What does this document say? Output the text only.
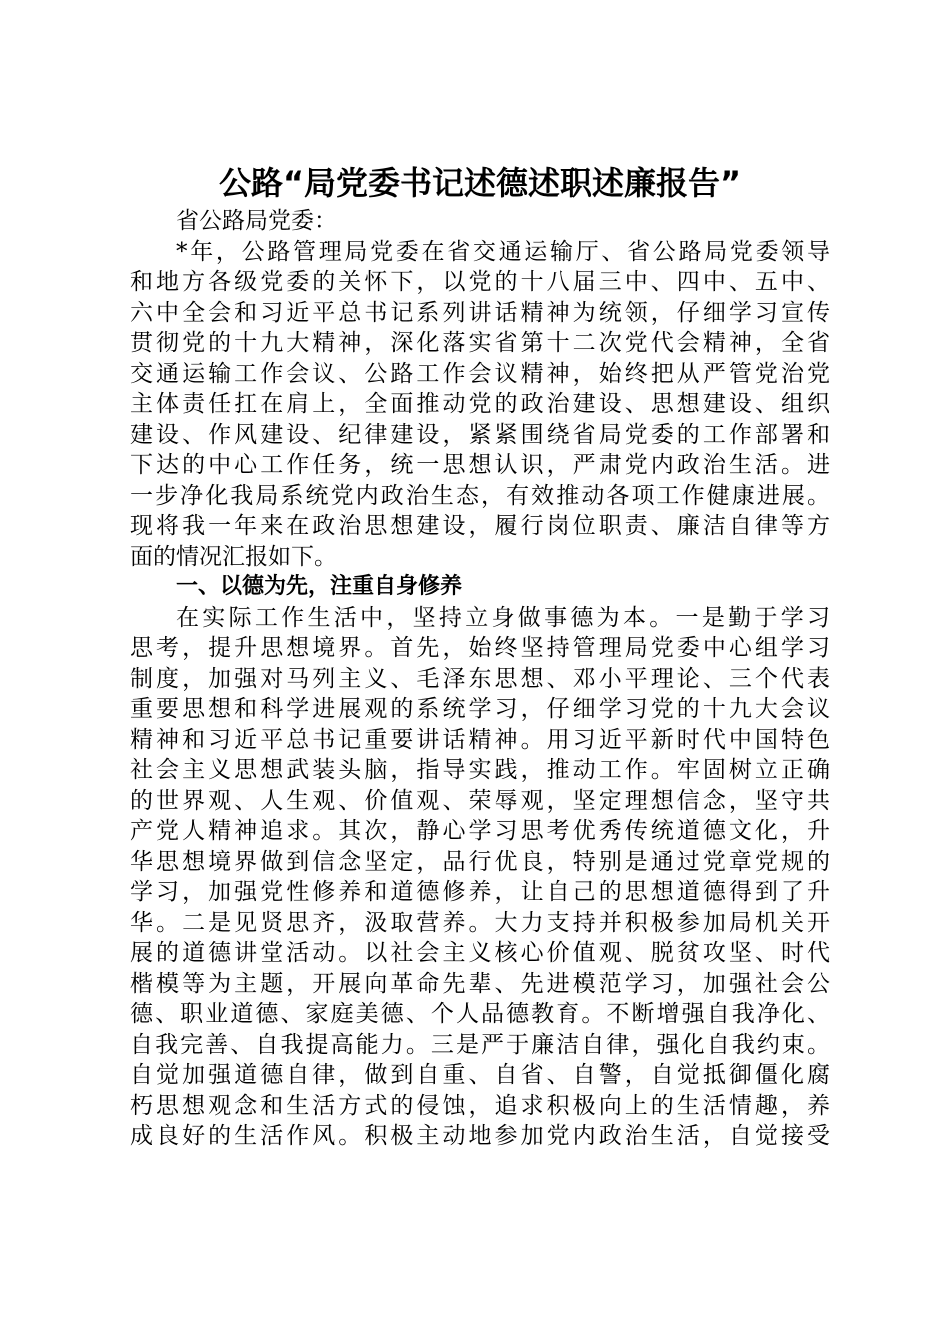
公路“局党委书记述德述职述廉报告”
省公路局党委：
*年，公路管理局党委在省交通运输厅、省公路局党委领导
和地方各级党委的关怀下，以党的十八届三中、四中、五中、
六中全会和习近平总书记系列讲话精神为统领，仔细学习宣传
贯彻党的十九大精神，深化落实省第十二次党代会精神，全省
交通运输工作会议、公路工作会议精神，始终把从严管党治党
主体责任扛在肩上，全面推动党的政治建设、思想建设、组织
建设、作风建设、纪律建设，紧紧围绕省局党委的工作部署和
下达的中心工作任务，统一思想认识，严肃党内政治生活。进
一步净化我局系统党内政治生态，有效推动各项工作健康进展。
现将我一年来在政治思想建设，履行岗位职责、廉洁自律等方
面的情况汇报如下。
一、以德为先，注重自身修养
在实际工作生活中，坚持立身做事德为本。一是勤于学习
思考，提升思想境界。首先，始终坚持管理局党委中心组学习
制度，加强对马列主义、毛泽东思想、邓小平理论、三个代表
重要思想和科学进展观的系统学习，仔细学习党的十九大会议
精神和习近平总书记重要讲话精神。用习近平新时代中国特色
社会主义思想武装头脑，指导实践，推动工作。牢固树立正确
的世界观、人生观、价值观、荣辱观，坚定理想信念，坚守共
产党人精神追求。其次，静心学习思考优秀传统道德文化，升
华思想境界做到信念坚定，品行优良，特别是通过党章党规的
学习，加强党性修养和道德修养，让自己的思想道德得到了升
华。二是见贤思齐，汲取营养。大力支持并积极参加局机关开
展的道德讲堂活动。以社会主义核心价值观、脱贫攻坚、时代
楷模等为主题，开展向革命先辈、先进模范学习，加强社会公
德、职业道德、家庭美德、个人品德教育。不断增强自我净化、
自我完善、自我提高能力。三是严于廉洁自律，强化自我约束。
自觉加强道德自律，做到自重、自省、自警，自觉抵御僵化腐
朽思想观念和生活方式的侵蚀，追求积极向上的生活情趣，养
成良好的生活作风。积极主动地参加党内政治生活，自觉接受
